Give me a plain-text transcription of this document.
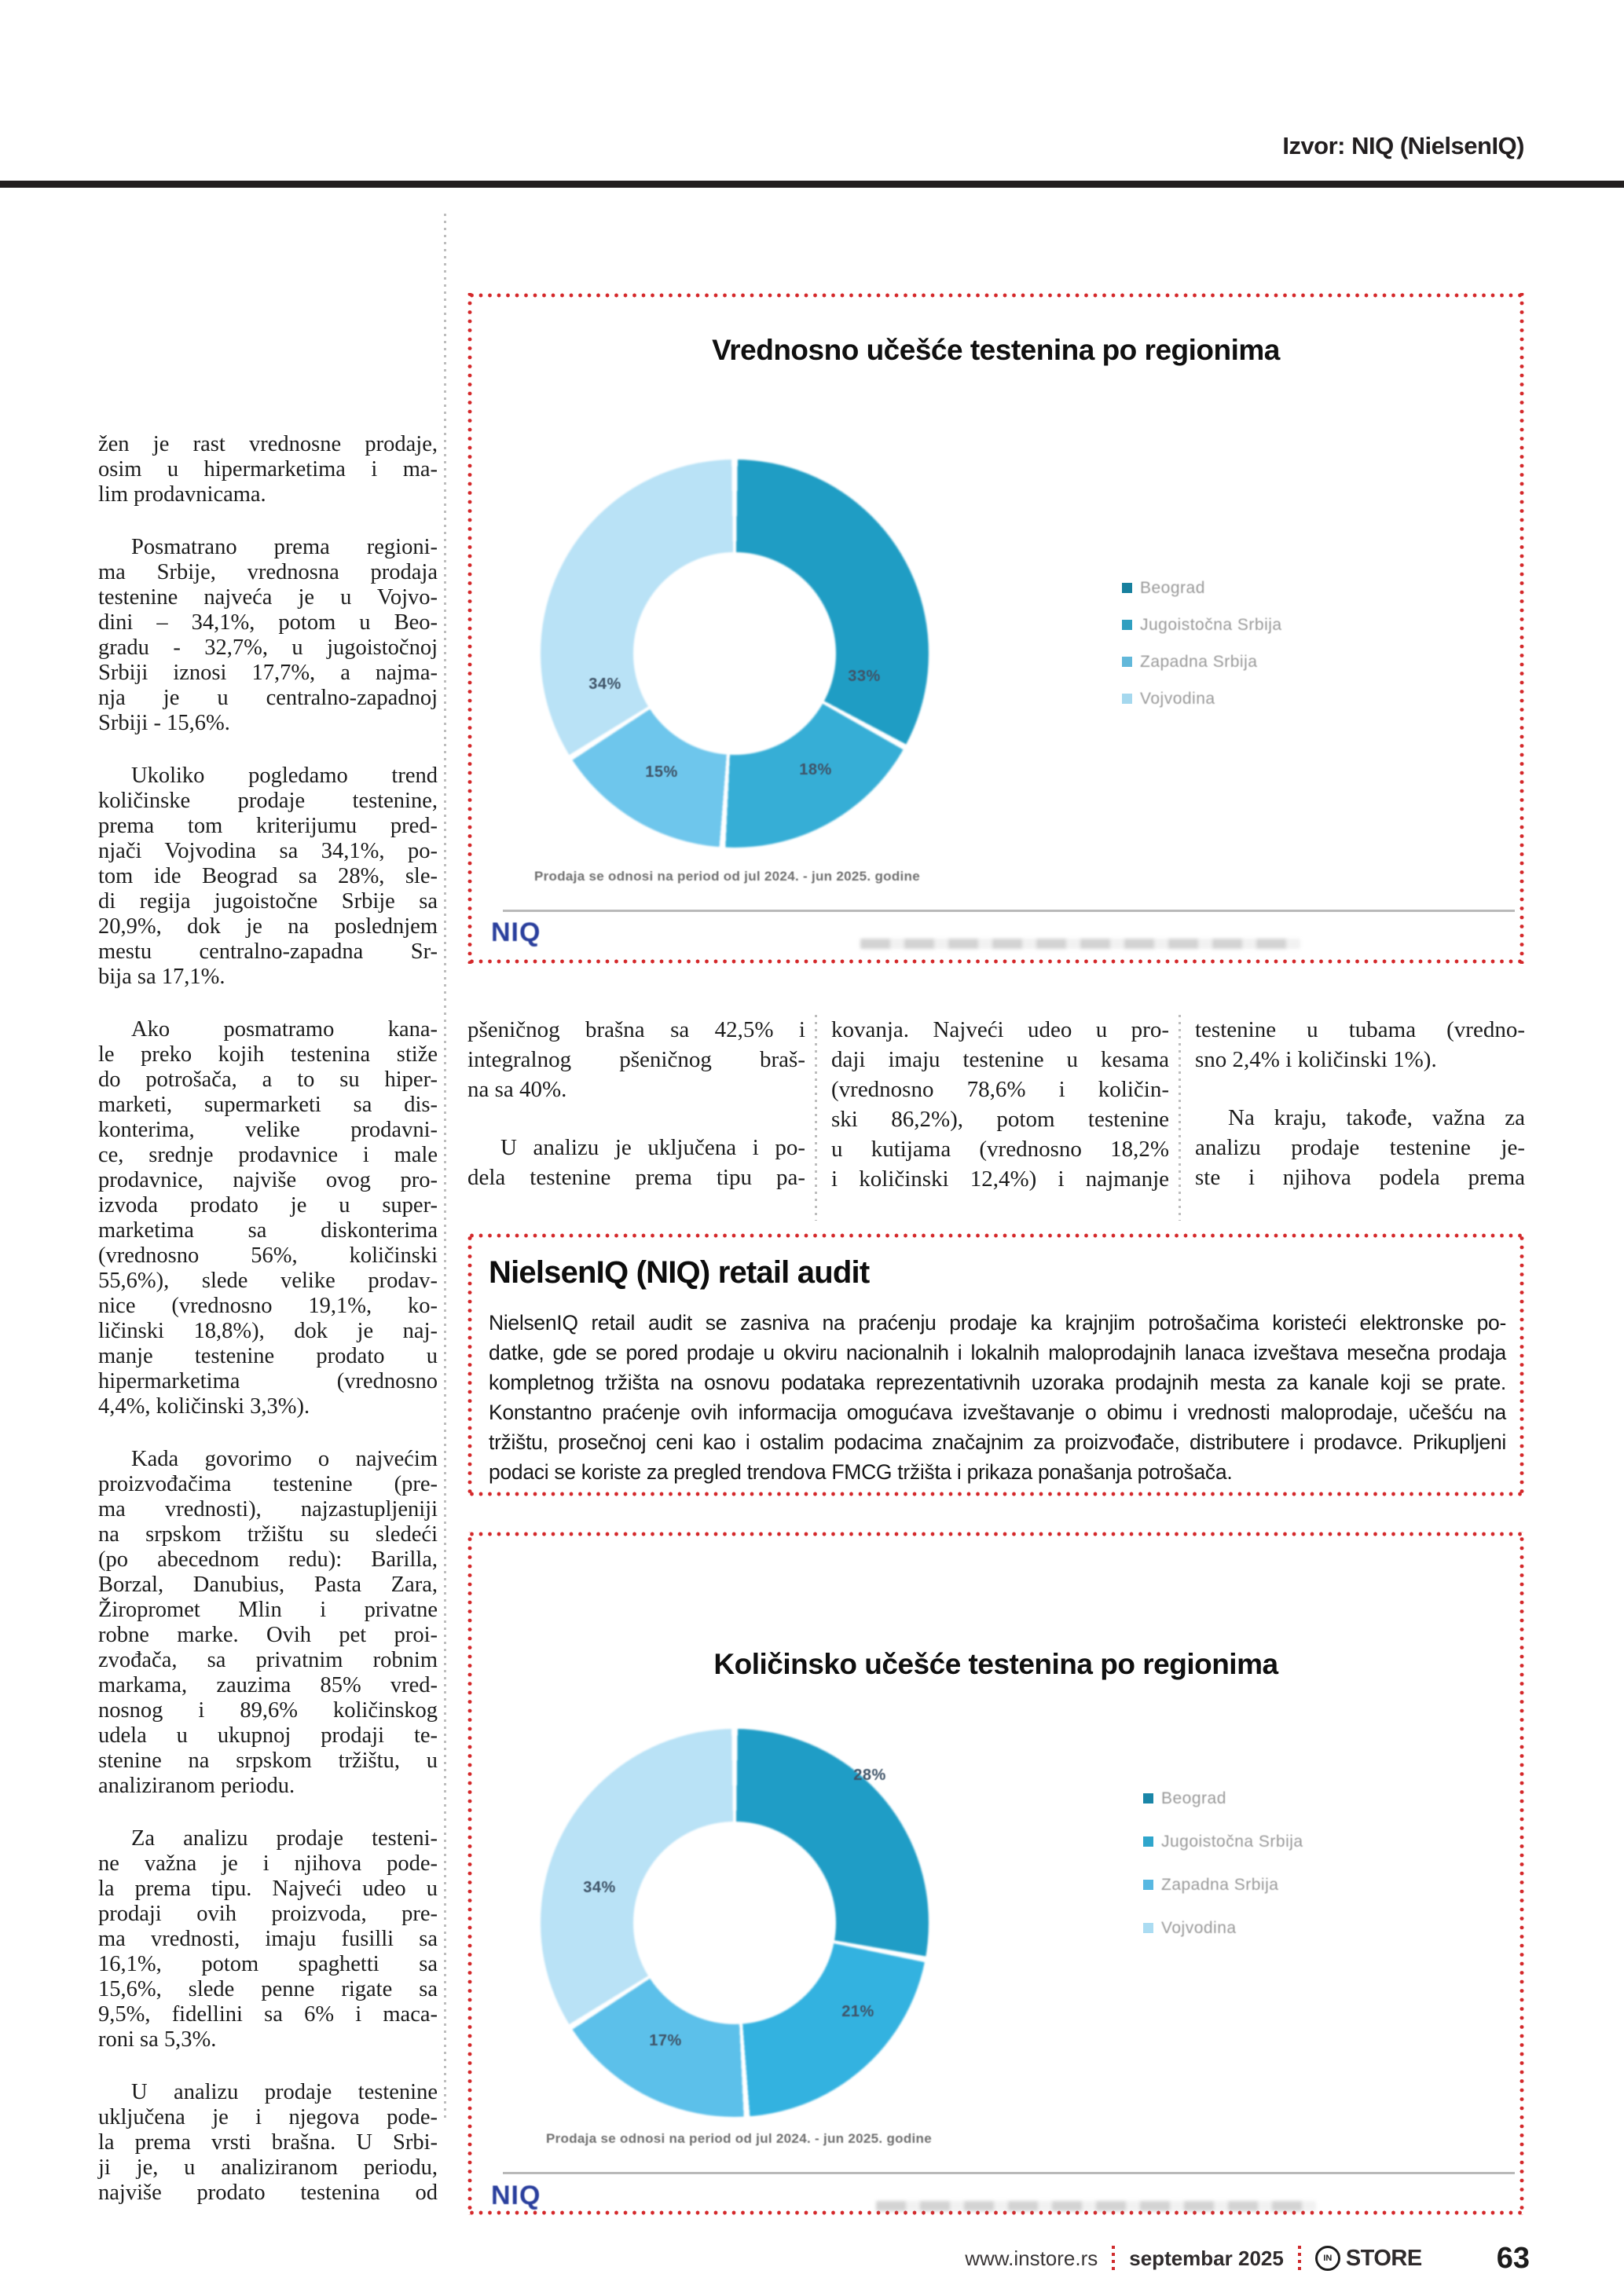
Izvor: NIQ (NielsenIQ)
žen je rast vrednosne prodaje,
osim u hipermarketima i ma-
lim prodavnicama.
Posmatrano prema regioni-
ma Srbije, vrednosna prodaja
testenine najveća je u Vojvo-
dini – 34,1%, potom u Beo-
gradu - 32,7%, u jugoistočnoj
Srbiji iznosi 17,7%, a najma-
nja je u centralno-zapadnoj
Srbiji - 15,6%.
Ukoliko pogledamo trend
količinske prodaje testenine,
prema tom kriterijumu pred-
njači Vojvodina sa 34,1%, po-
tom ide Beograd sa 28%, sle-
di regija jugoistočne Srbije sa
20,9%, dok je na poslednjem
mestu centralno-zapadna Sr-
bija sa 17,1%.
Ako posmatramo kana-
le preko kojih testenina stiže
do potrošača, a to su hiper-
marketi, supermarketi sa dis-
konterima, velike prodavni-
ce, srednje prodavnice i male
prodavnice, najviše ovog pro-
izvoda prodato je u super-
marketima sa diskonterima
(vrednosno 56%, količinski
55,6%), slede velike prodav-
nice (vrednosno 19,1%, ko-
ličinski 18,8%), dok je naj-
manje testenine prodato u
hipermarketima (vrednosno
4,4%, količinski 3,3%).
Kada govorimo o najvećim
proizvođačima testenine (pre-
ma vrednosti), najzastupljeniji
na srpskom tržištu su sledeći
(po abecednom redu): Barilla,
Borzal, Danubius, Pasta Zara,
Žiropromet Mlin i privatne
robne marke. Ovih pet proi-
zvođača, sa privatnim robnim
markama, zauzima 85% vred-
nosnog i 89,6% količinskog
udela u ukupnoj prodaji te-
stenine na srpskom tržištu, u
analiziranom periodu.
Za analizu prodaje testeni-
ne važna je i njihova pode-
la prema tipu. Najveći udeo u
prodaji ovih proizvoda, pre-
ma vrednosti, imaju fusilli sa
16,1%, potom spaghetti sa
15,6%, slede penne rigate sa
9,5%, fidellini sa 6% i maca-
roni sa 5,3%.
U analizu prodaje testenine
uključena je i njegova pode-
la prema vrsti brašna. U Srbi-
ji je, u analiziranom periodu,
najviše prodato testenina od
pšeničnog brašna sa 42,5% i
integralnog pšeničnog braš-
na sa 40%.
U analizu je uključena i po-
dela testenine prema tipu pa-
kovanja. Najveći udeo u pro-
daji imaju testenine u kesama
(vrednosno 78,6% i količin-
ski 86,2%), potom testenine
u kutijama (vrednosno 18,2%
i količinski 12,4%) i najmanje
testenine u tubama (vredno-
sno 2,4% i količinski 1%).
Na kraju, takođe, važna za
analizu prodaje testenine je-
ste i njihova podela prema
Vrednosno učešće testenina po regionima
33%
18%
15%
34%
Beograd
Jugoistočna Srbija
Zapadna Srbija
Vojvodina
Prodaja se odnosi na period od jul 2024. - jun 2025. godine
NIQ
NielsenIQ (NIQ) retail audit
NielsenIQ retail audit se zasniva na praćenju prodaje ka krajnjim potrošačima koristeći elektronske po-
datke, gde se pored prodaje u okviru nacionalnih i lokalnih maloprodajnih lanaca izveštava mesečna prodaja
kompletnog tržišta na osnovu podataka reprezentativnih uzoraka prodajnih mesta za kanale koji se prate.
Konstantno praćenje ovih informacija omogućava izveštavanje o obimu i vrednosti maloprodaje, učešću na
tržištu, prosečnoj ceni kao i ostalim podacima značajnim za proizvođače, distributere i prodavce. Prikupljeni
podaci se koriste za pregled trendova FMCG tržišta i prikaza ponašanja potrošača.
Količinsko učešće testenina po regionima
28%
21%
17%
34%
Beograd
Jugoistočna Srbija
Zapadna Srbija
Vojvodina
Prodaja se odnosi na period od jul 2024. - jun 2025. godine
NIQ
www.instore.rs septembar 2025	IN STORE	63
